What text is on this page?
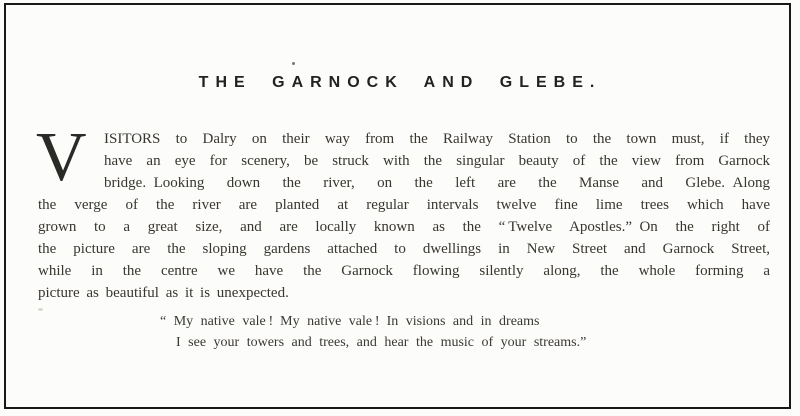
THE GARNOCK AND GLEBE.
V ISITORS to Dalry on their way from the Railway Station to the town must, if they
have an eye for scenery, be struck with the singular beauty of the view from Garnock
bridge. Looking down the river, on the left are the Manse and Glebe. Along
the verge of the river are planted at regular intervals twelve fine lime trees which have
grown to a great size, and are locally known as the “ Twelve Apostles.” On the right of
the picture are the sloping gardens attached to dwellings in New Street and Garnock Street,
while in the centre we have the Garnock flowing silently along, the whole forming a
picture as beautiful as it is unexpected.
“ My native vale ! My native vale ! In visions and in dreams
I see your towers and trees, and hear the music of your streams.”
